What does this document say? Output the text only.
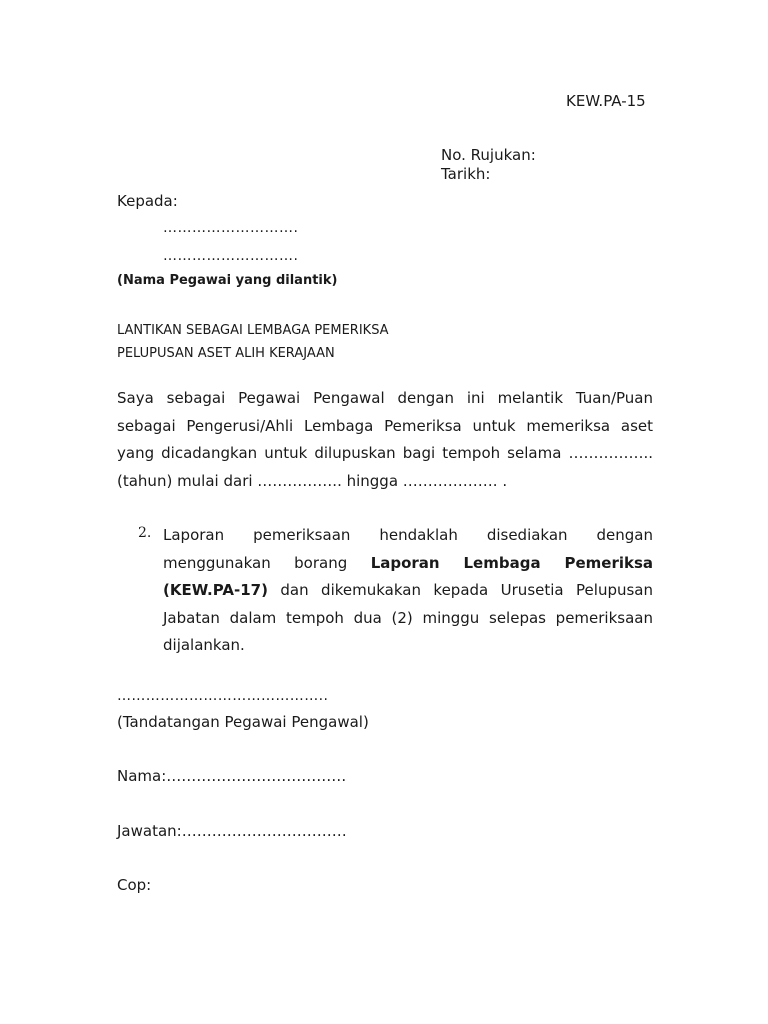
KEW.PA-15
No. Rujukan:
Tarikh:
Kepada:
……………………….
……………………….
(Nama Pegawai yang dilantik)
LANTIKAN SEBAGAI LEMBAGA PEMERIKSA
PELUPUSAN ASET ALIH KERAJAAN
Saya sebagai Pegawai Pengawal dengan ini melantik Tuan/Puan sebagai Pengerusi/Ahli Lembaga Pemeriksa untuk memeriksa aset yang dicadangkan untuk dilupuskan bagi tempoh selama …………….. (tahun) mulai dari …………….. hingga ………………. .
2. Laporan pemeriksaan hendaklah disediakan dengan menggunakan borang Laporan Lembaga Pemeriksa (KEW.PA-17) dan dikemukakan kepada Urusetia Pelupusan Jabatan dalam tempoh dua (2) minggu selepas pemeriksaan dijalankan.
……………………………………..
(Tandatangan Pegawai Pengawal)
Nama:………………………………
Jawatan:……………………………
Cop:
